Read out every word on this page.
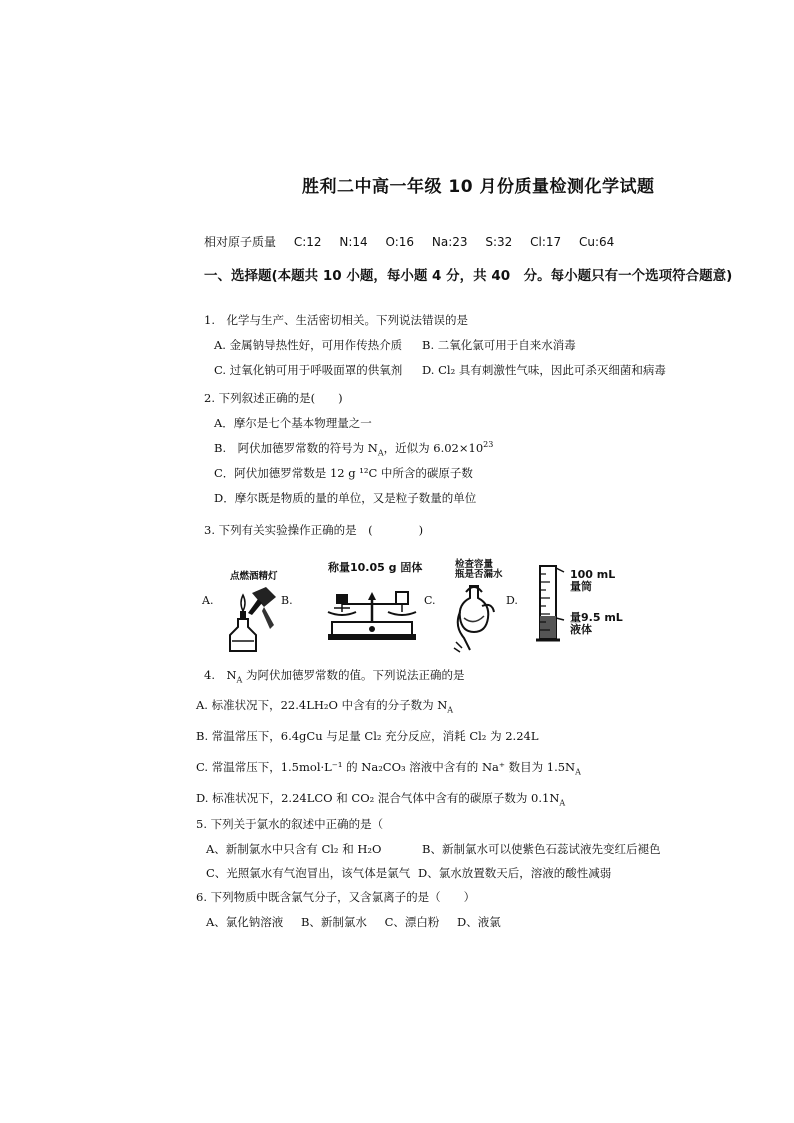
胜利二中高一年级 10 月份质量检测化学试题
相对原子质量 C:12 N:14 O:16 Na:23 S:32 Cl:17 Cu:64
一、选择题(本题共 10 小题，每小题 4 分，共 40　分。每小题只有一个选项符合题意)
1.　化学与生产、生活密切相关。下列说法错误的是
A. 金属钠导热性好，可用作传热介质 B. 二氧化氯可用于自来水消毒
C. 过氧化钠可用于呼吸面罩的供氧剂 D. Cl₂ 具有刺激性气味，因此可杀灭细菌和病毒
2. 下列叙述正确的是(　　)
A．摩尔是七个基本物理量之一
B.　阿伏加德罗常数的符号为 $N_A$，近似为 $6.02\times 10^{23}$
C．阿伏加德罗常数是 12 g ¹²C 中所含的碳原子数
D．摩尔既是物质的量的单位，又是粒子数量的单位
3. 下列有关实验操作正确的是　(　　　　)
A.
点燃酒精灯
B.
称量10.05 g 固体
C.
检查容量
瓶是否漏水
D.
100 mL
量筒
量9.5 mL
液体
4.　$N_A$ 为阿伏加德罗常数的值。下列说法正确的是
A. 标准状况下，22.4LH₂O 中含有的分子数为 $N_A$
B. 常温常压下，6.4gCu 与足量 Cl₂ 充分反应，消耗 Cl₂ 为 2.24L
C. 常温常压下，1.5mol·L⁻¹ 的 Na₂CO₃ 溶液中含有的 Na⁺ 数目为 $1.5N_A$
D. 标准状况下，2.24LCO 和 CO₂ 混合气体中含有的碳原子数为 $0.1N_A$
5. 下列关于氯水的叙述中正确的是（
A、新制氯水中只含有 Cl₂ 和 H₂O	B、新制氯水可以使紫色石蕊试液先变红后褪色
C、光照氯水有气泡冒出，该气体是氯气 D、氯水放置数天后，溶液的酸性减弱
6. 下列物质中既含氯气分子，又含氯离子的是（　　）
A、氯化钠溶液 B、新制氯水 C、漂白粉 D、液氯
